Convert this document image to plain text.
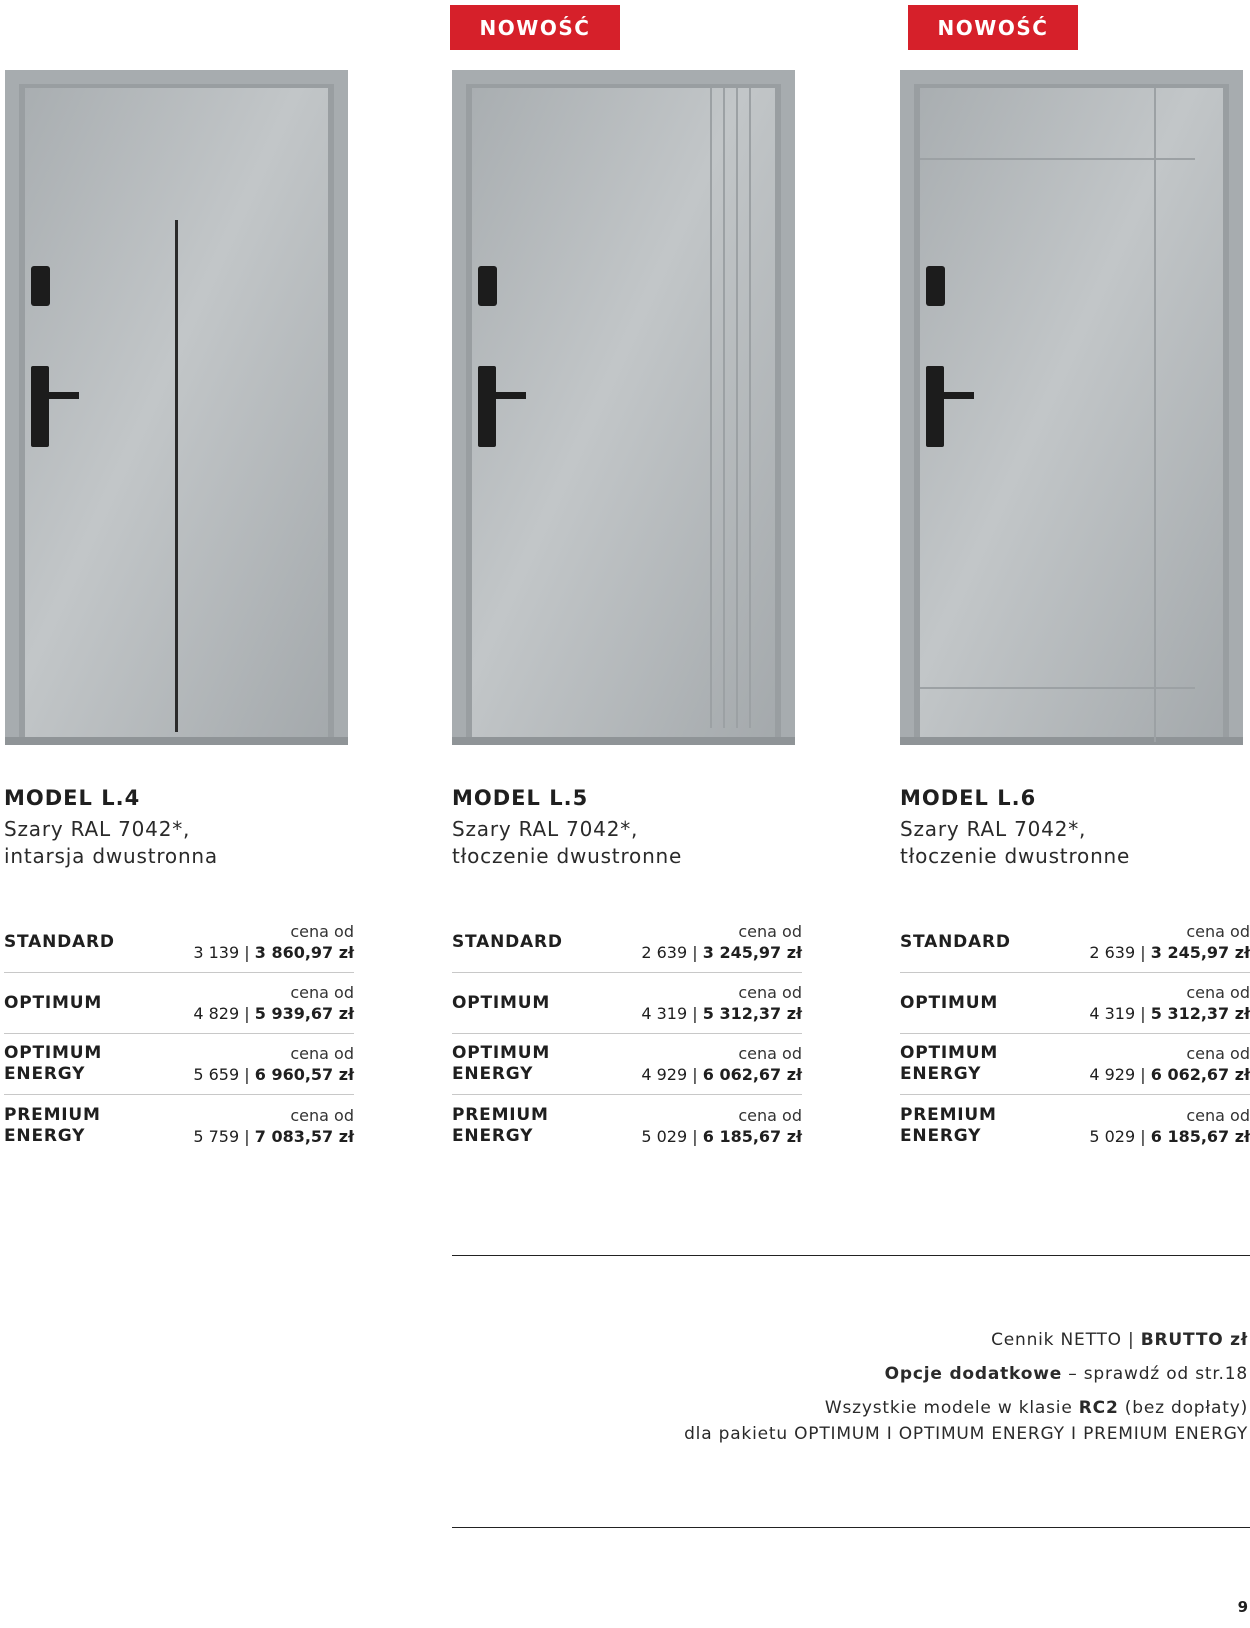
NOWOŚĆ	NOWOŚĆ
MODEL L.4
Szary RAL 7042*,
intarsja dwustronna
MODEL L.5
Szary RAL 7042*,
tłoczenie dwustronne
MODEL L.6
Szary RAL 7042*,
tłoczenie dwustronne
STANDARD	cena od
3 139 | 3 860,97 zł
OPTIMUM	cena od
4 829 | 5 939,67 zł
OPTIMUM
ENERGY
cena od
5 659 | 6 960,57 zł
PREMIUM
ENERGY
cena od
5 759 | 7 083,57 zł
STANDARD	cena od
2 639 | 3 245,97 zł
OPTIMUM	cena od
4 319 | 5 312,37 zł
OPTIMUM
ENERGY
cena od
4 929 | 6 062,67 zł
PREMIUM
ENERGY
cena od
5 029 | 6 185,67 zł
STANDARD	cena od
2 639 | 3 245,97 zł
OPTIMUM	cena od
4 319 | 5 312,37 zł
OPTIMUM
ENERGY
cena od
4 929 | 6 062,67 zł
PREMIUM
ENERGY
cena od
5 029 | 6 185,67 zł

Cennik NETTO | BRUTTO zł

Opcje dodatkowe – sprawdź od str.18

Wszystkie modele w klasie RC2 (bez dopłaty)

dla pakietu OPTIMUM I OPTIMUM ENERGY I PREMIUM ENERGY

9
